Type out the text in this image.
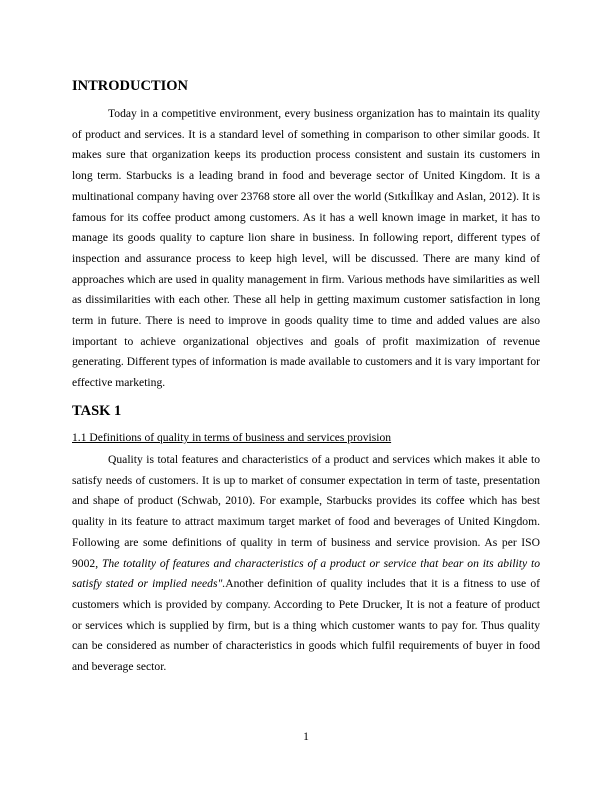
INTRODUCTION

Today in a competitive environment, every business organization has to maintain its quality of product and services. It is a standard level of something in comparison to other similar goods. It makes sure that organization keeps its production process consistent and sustain its customers in long term. Starbucks is a leading brand in food and beverage sector of United Kingdom. It is a multinational company having over 23768 store all over the world (Sıtkıİlkay and Aslan, 2012). It is famous for its coffee product among customers. As it has a well known image in market, it has to manage its goods quality to capture lion share in business. In following report, different types of inspection and assurance process to keep high level, will be discussed. There are many kind of approaches which are used in quality management in firm. Various methods have similarities as well as dissimilarities with each other. These all help in getting maximum customer satisfaction in long term in future. There is need to improve in goods quality time to time and added values are also important to achieve organizational objectives and goals of profit maximization of revenue generating. Different types of information is made available to customers and it is vary important for effective marketing.

TASK 1

1.1 Definitions of quality in terms of business and services provision

Quality is total features and characteristics of a product and services which makes it able to satisfy needs of customers. It is up to market of consumer expectation in term of taste, presentation and shape of product (Schwab, 2010). For example, Starbucks provides its coffee which has best quality in its feature to attract maximum target market of food and beverages of United Kingdom. Following are some definitions of quality in term of business and service provision. As per ISO 9002, The totality of features and characteristics of a product or service that bear on its ability to satisfy stated or implied needs".Another definition of quality includes that it is a fitness to use of customers which is provided by company. According to Pete Drucker, It is not a feature of product or services which is supplied by firm, but is a thing which customer wants to pay for. Thus quality can be considered as number of characteristics in goods which fulfil requirements of buyer in food and beverage sector.

1
